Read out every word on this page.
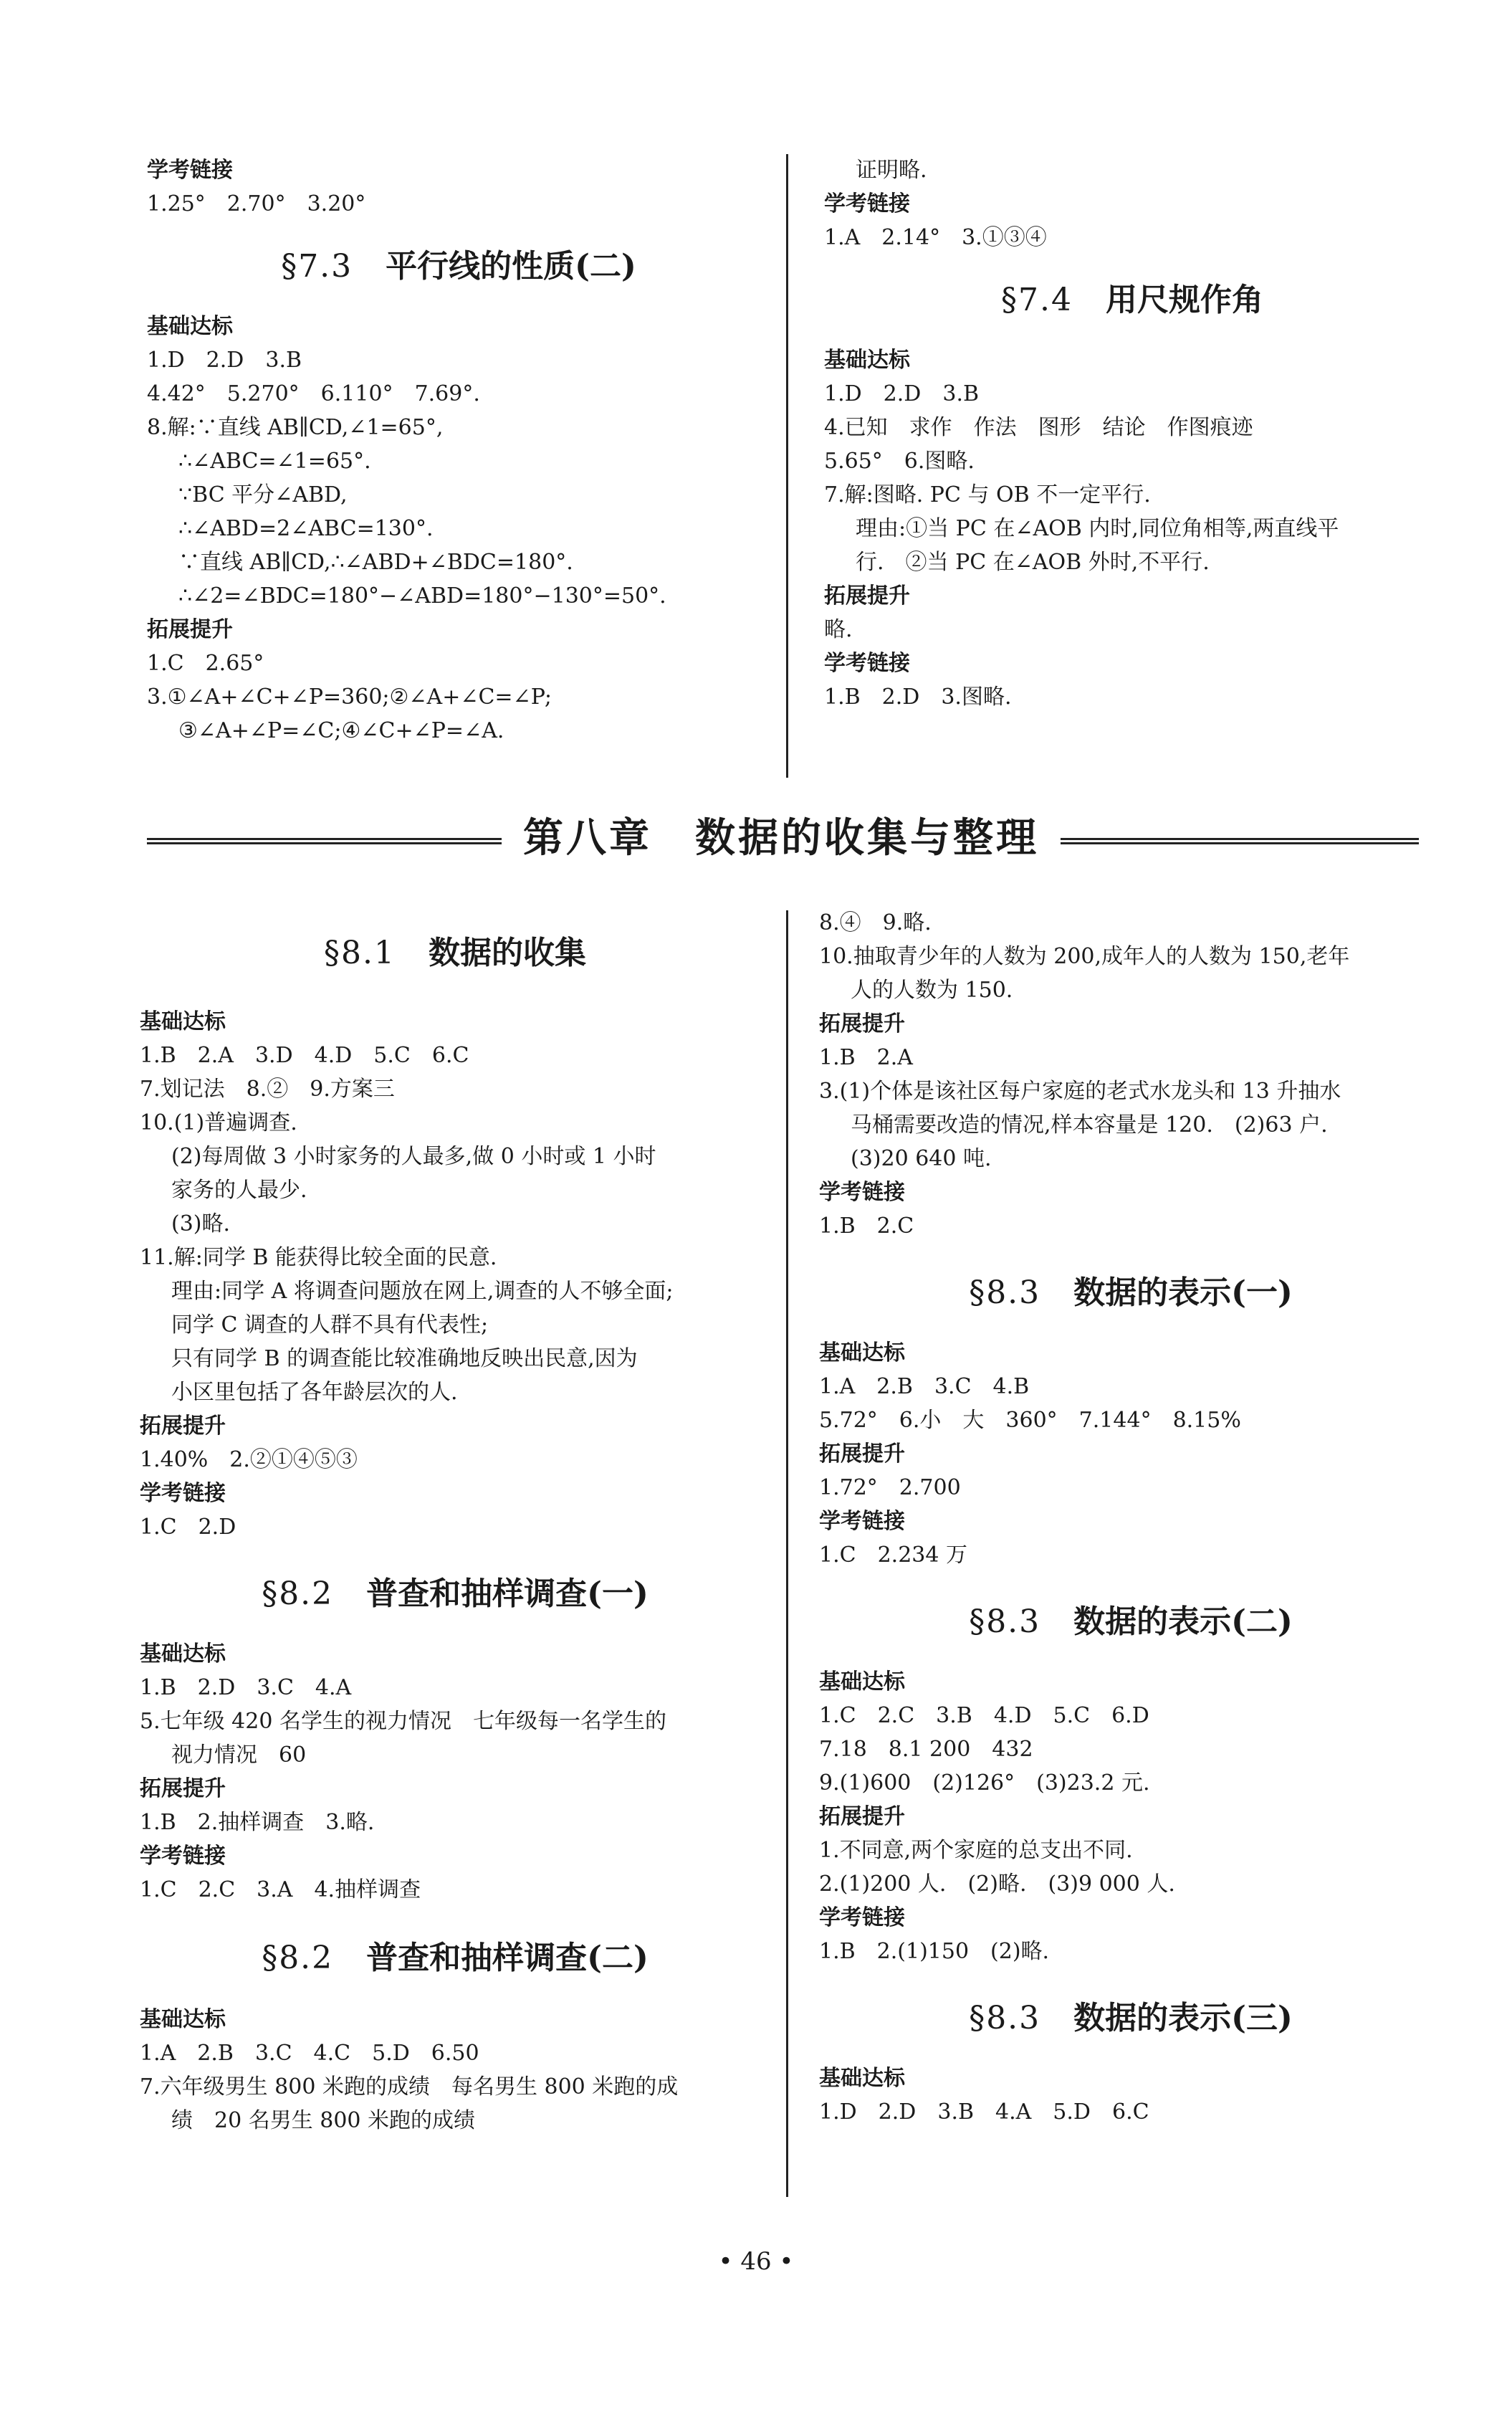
学考链接
1.25°　2.70°　3.20°
§7.3 平行线的性质(二)
基础达标
1.D　2.D　3.B
4.42°　5.270°　6.110°　7.69°.
8.解:∵直线 AB∥CD,∠1=65°,
∴∠ABC=∠1=65°.
∵BC 平分∠ABD,
∴∠ABD=2∠ABC=130°.
∵直线 AB∥CD,∴∠ABD+∠BDC=180°.
∴∠2=∠BDC=180°−∠ABD=180°−130°=50°.
拓展提升
1.C　2.65°
3.①∠A+∠C+∠P=360;②∠A+∠C=∠P;
③∠A+∠P=∠C;④∠C+∠P=∠A.
证明略.
学考链接
1.A　2.14°　3.①③④
§7.4 用尺规作角
基础达标
1.D　2.D　3.B
4.已知　求作　作法　图形　结论　作图痕迹
5.65°　6.图略.
7.解:图略. PC 与 OB 不一定平行.
理由:①当 PC 在∠AOB 内时,同位角相等,两直线平
行.　②当 PC 在∠AOB 外时,不平行.
拓展提升
略.
学考链接
1.B　2.D　3.图略.
第八章　数据的收集与整理
§8.1 数据的收集
基础达标
1.B　2.A　3.D　4.D　5.C　6.C
7.划记法　8.②　9.方案三
10.(1)普遍调查.
(2)每周做 3 小时家务的人最多,做 0 小时或 1 小时
家务的人最少.
(3)略.
11.解:同学 B 能获得比较全面的民意.
理由:同学 A 将调查问题放在网上,调查的人不够全面;
同学 C 调查的人群不具有代表性;
只有同学 B 的调查能比较准确地反映出民意,因为
小区里包括了各年龄层次的人.
拓展提升
1.40%　2.②①④⑤③
学考链接
1.C　2.D
§8.2 普查和抽样调查(一)
基础达标
1.B　2.D　3.C　4.A
5.七年级 420 名学生的视力情况　七年级每一名学生的
视力情况　60
拓展提升
1.B　2.抽样调查　3.略.
学考链接
1.C　2.C　3.A　4.抽样调查
§8.2 普查和抽样调查(二)
基础达标
1.A　2.B　3.C　4.C　5.D　6.50
7.六年级男生 800 米跑的成绩　每名男生 800 米跑的成
绩　20 名男生 800 米跑的成绩
8.④　9.略.
10.抽取青少年的人数为 200,成年人的人数为 150,老年
人的人数为 150.
拓展提升
1.B　2.A
3.(1)个体是该社区每户家庭的老式水龙头和 13 升抽水
马桶需要改造的情况,样本容量是 120.　(2)63 户.
(3)20 640 吨.
学考链接
1.B　2.C
§8.3 数据的表示(一)
基础达标
1.A　2.B　3.C　4.B
5.72°　6.小　大　360°　7.144°　8.15%
拓展提升
1.72°　2.700
学考链接
1.C　2.234 万
§8.3 数据的表示(二)
基础达标
1.C　2.C　3.B　4.D　5.C　6.D
7.18　8.1 200　432
9.(1)600　(2)126°　(3)23.2 元.
拓展提升
1.不同意,两个家庭的总支出不同.
2.(1)200 人.　(2)略.　(3)9 000 人.
学考链接
1.B　2.(1)150　(2)略.
§8.3 数据的表示(三)
基础达标
1.D　2.D　3.B　4.A　5.D　6.C
• 46 •
